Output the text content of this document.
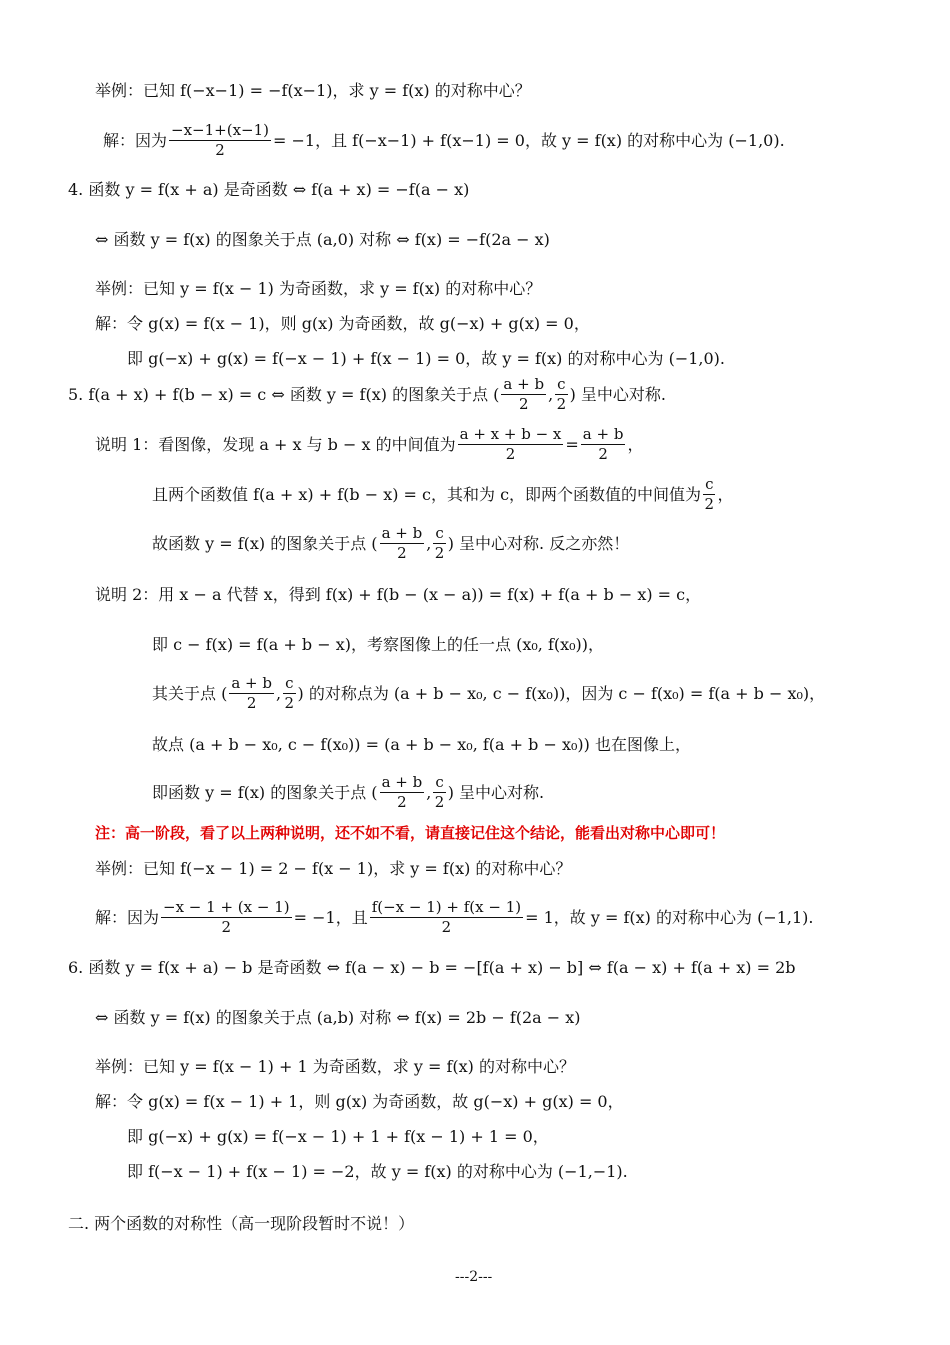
举例：已知 f(−x−1) = −f(x−1)，求 y = f(x) 的对称中心？
解：因为 $\frac{-x-1+(x-1)}{2} = -1$，且 f(−x−1) + f(x−1) = 0，故 y = f(x) 的对称中心为 (−1,0).
4. 函数 y = f(x + a) 是奇函数 ⇔ f(a + x) = −f(a − x)
⇔ 函数 y = f(x) 的图象关于点 (a,0) 对称 ⇔ f(x) = −f(2a − x)
举例：已知 y = f(x − 1) 为奇函数，求 y = f(x) 的对称中心？
解：令 g(x) = f(x − 1)，则 g(x) 为奇函数，故 g(−x) + g(x) = 0，
即 g(−x) + g(x) = f(−x − 1) + f(x − 1) = 0，故 y = f(x) 的对称中心为 (−1,0).
5. f(a + x) + f(b − x) = c ⇔ 函数 y = f(x) 的图象关于点 ( $\frac{a + b}{2}$ , $\frac{c}{2}$ ) 呈中心对称.
说明 1：看图像，发现 a + x 与 b − x 的中间值为 $\frac{a + x + b - x}{2} = \frac{a + b}{2}$ ，
且两个函数值 f(a + x) + f(b − x) = c，其和为 c，即两个函数值的中间值为 $\frac{c}{2}$ ，
故函数 y = f(x) 的图象关于点 ( $\frac{a + b}{2}$ , $\frac{c}{2}$ ) 呈中心对称. 反之亦然！
说明 2：用 x − a 代替 x，得到 f(x) + f(b − (x − a)) = f(x) + f(a + b − x) = c，
即 c − f(x) = f(a + b − x)，考察图像上的任一点 (x₀, f(x₀))，
其关于点 ( $\frac{a + b}{2}$ , $\frac{c}{2}$ ) 的对称点为 (a + b − x₀, c − f(x₀))，因为 c − f(x₀) = f(a + b − x₀)，
故点 (a + b − x₀, c − f(x₀)) = (a + b − x₀, f(a + b − x₀)) 也在图像上，
即函数 y = f(x) 的图象关于点 ( $\frac{a + b}{2}$ , $\frac{c}{2}$ ) 呈中心对称.
注：高一阶段，看了以上两种说明，还不如不看，请直接记住这个结论，能看出对称中心即可！
举例：已知 f(−x − 1) = 2 − f(x − 1)，求 y = f(x) 的对称中心？
解：因为 $\frac{-x - 1 + (x - 1)}{2} = -1$，且 $\frac{f(-x - 1) + f(x - 1)}{2} = 1$，故 y = f(x) 的对称中心为 (−1,1).
6. 函数 y = f(x + a) − b 是奇函数 ⇔ f(a − x) − b = −[f(a + x) − b] ⇔ f(a − x) + f(a + x) = 2b
⇔ 函数 y = f(x) 的图象关于点 (a,b) 对称 ⇔ f(x) = 2b − f(2a − x)
举例：已知 y = f(x − 1) + 1 为奇函数，求 y = f(x) 的对称中心？
解：令 g(x) = f(x − 1) + 1，则 g(x) 为奇函数，故 g(−x) + g(x) = 0，
即 g(−x) + g(x) = f(−x − 1) + 1 + f(x − 1) + 1 = 0，
即 f(−x − 1) + f(x − 1) = −2，故 y = f(x) 的对称中心为 (−1,−1).
二. 两个函数的对称性（高一现阶段暂时不说！）
---2---
